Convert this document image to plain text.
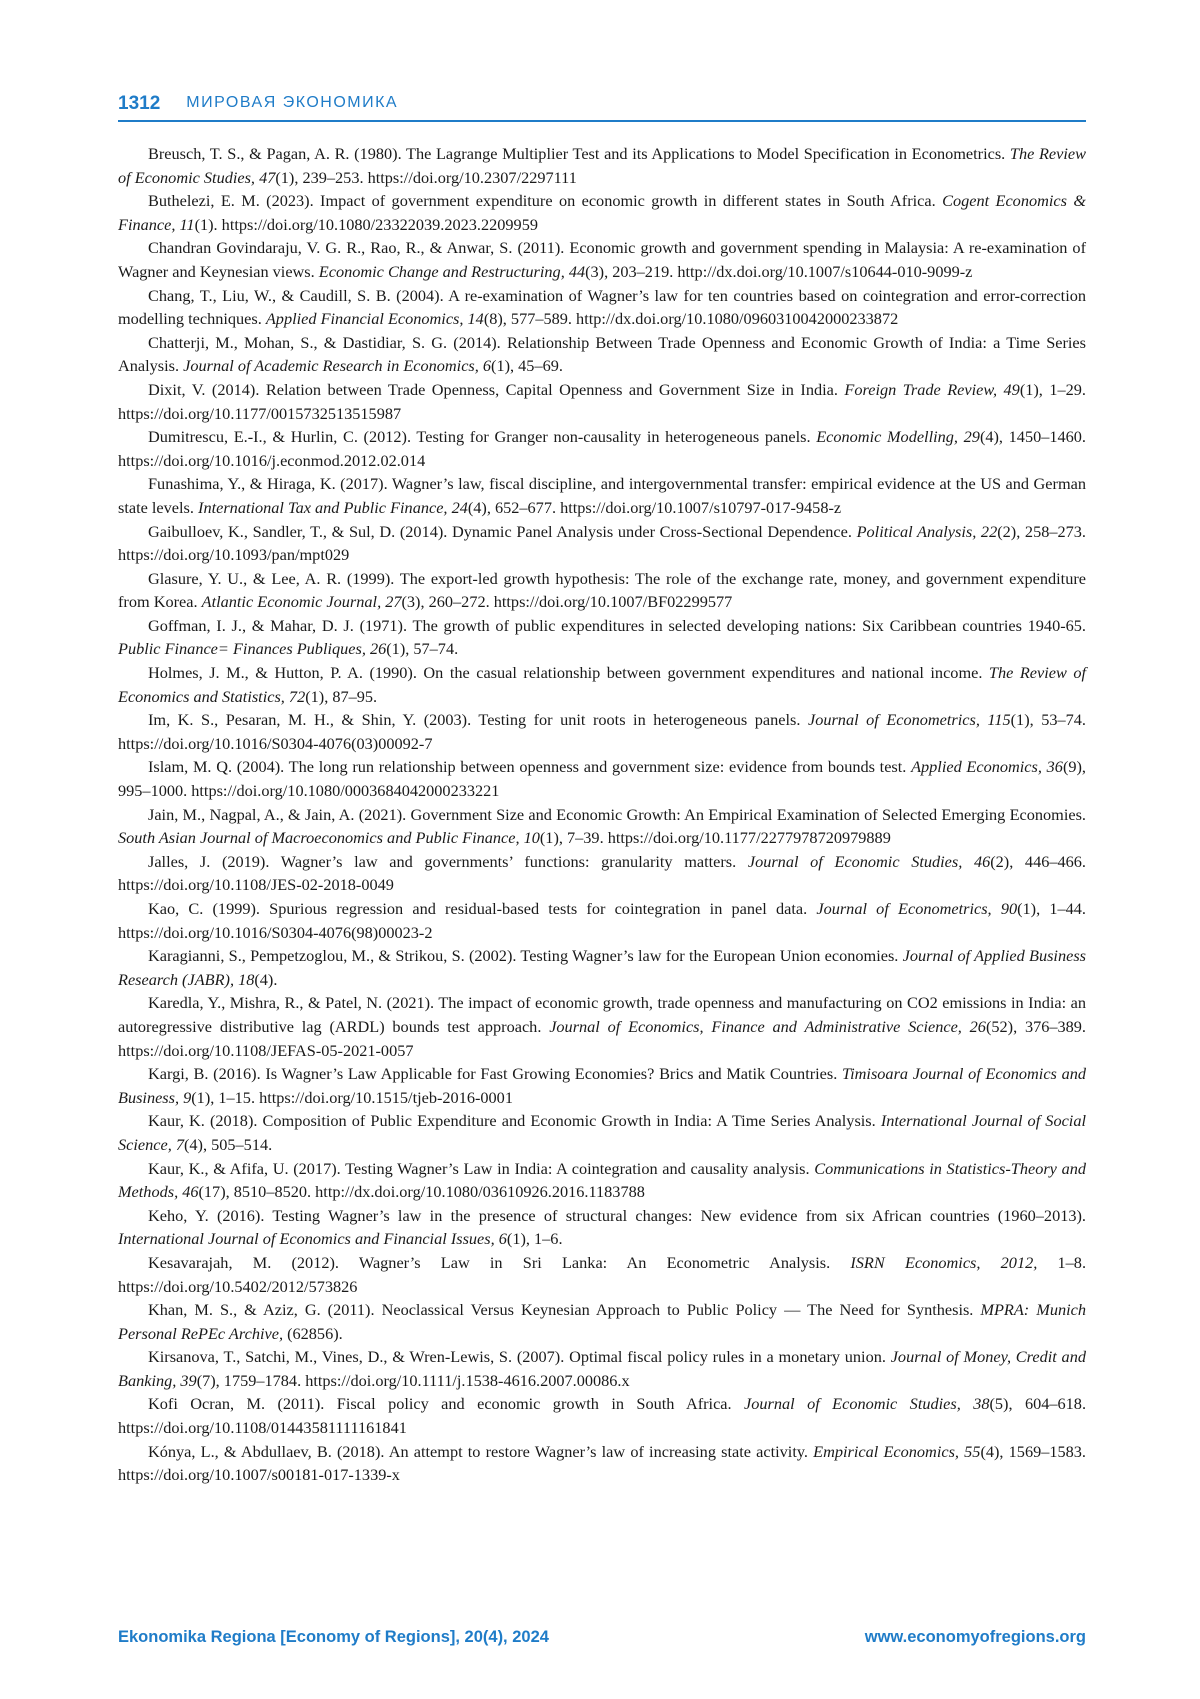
1312 МИРОВАЯ ЭКОНОМИКА

Breusch, T. S., & Pagan, A. R. (1980). The Lagrange Multiplier Test and its Applications to Model Specification in Econometrics. The Review of Economic Studies, 47(1), 239–253. https://doi.org/10.2307/2297111

Buthelezi, E. M. (2023). Impact of government expenditure on economic growth in different states in South Africa. Cogent Economics & Finance, 11(1). https://doi.org/10.1080/23322039.2023.2209959

Chandran Govindaraju, V. G. R., Rao, R., & Anwar, S. (2011). Economic growth and government spending in Malaysia: A re-examination of Wagner and Keynesian views. Economic Change and Restructuring, 44(3), 203–219. http://dx.doi.org/10.1007/s10644-010-9099-z

Chang, T., Liu, W., & Caudill, S. B. (2004). A re-examination of Wagner’s law for ten countries based on cointegration and error-correction modelling techniques. Applied Financial Economics, 14(8), 577–589. http://dx.doi.org/10.1080/0960310042000233872

Chatterji, M., Mohan, S., & Dastidiar, S. G. (2014). Relationship Between Trade Openness and Economic Growth of India: a Time Series Analysis. Journal of Academic Research in Economics, 6(1), 45–69.

Dixit, V. (2014). Relation between Trade Openness, Capital Openness and Government Size in India. Foreign Trade Review, 49(1), 1–29. https://doi.org/10.1177/0015732513515987

Dumitrescu, E.-I., & Hurlin, C. (2012). Testing for Granger non-causality in heterogeneous panels. Economic Modelling, 29(4), 1450–1460. https://doi.org/10.1016/j.econmod.2012.02.014

Funashima, Y., & Hiraga, K. (2017). Wagner’s law, fiscal discipline, and intergovernmental transfer: empirical evidence at the US and German state levels. International Tax and Public Finance, 24(4), 652–677. https://doi.org/10.1007/s10797-017-9458-z

Gaibulloev, K., Sandler, T., & Sul, D. (2014). Dynamic Panel Analysis under Cross-Sectional Dependence. Political Analysis, 22(2), 258–273. https://doi.org/10.1093/pan/mpt029

Glasure, Y. U., & Lee, A. R. (1999). The export-led growth hypothesis: The role of the exchange rate, money, and government expenditure from Korea. Atlantic Economic Journal, 27(3), 260–272. https://doi.org/10.1007/BF02299577

Goffman, I. J., & Mahar, D. J. (1971). The growth of public expenditures in selected developing nations: Six Caribbean countries 1940-65. Public Finance= Finances Publiques, 26(1), 57–74.

Holmes, J. M., & Hutton, P. A. (1990). On the casual relationship between government expenditures and national income. The Review of Economics and Statistics, 72(1), 87–95.

Im, K. S., Pesaran, M. H., & Shin, Y. (2003). Testing for unit roots in heterogeneous panels. Journal of Econometrics, 115(1), 53–74. https://doi.org/10.1016/S0304-4076(03)00092-7

Islam, M. Q. (2004). The long run relationship between openness and government size: evidence from bounds test. Applied Economics, 36(9), 995–1000. https://doi.org/10.1080/0003684042000233221

Jain, M., Nagpal, A., & Jain, A. (2021). Government Size and Economic Growth: An Empirical Examination of Selected Emerging Economies. South Asian Journal of Macroeconomics and Public Finance, 10(1), 7–39. https://doi.org/10.1177/2277978720979889

Jalles, J. (2019). Wagner’s law and governments’ functions: granularity matters. Journal of Economic Studies, 46(2), 446–466. https://doi.org/10.1108/JES-02-2018-0049

Kao, C. (1999). Spurious regression and residual-based tests for cointegration in panel data. Journal of Econometrics, 90(1), 1–44. https://doi.org/10.1016/S0304-4076(98)00023-2

Karagianni, S., Pempetzoglou, M., & Strikou, S. (2002). Testing Wagner’s law for the European Union economies. Journal of Applied Business Research (JABR), 18(4).

Karedla, Y., Mishra, R., & Patel, N. (2021). The impact of economic growth, trade openness and manufacturing on CO2 emissions in India: an autoregressive distributive lag (ARDL) bounds test approach. Journal of Economics, Finance and Administrative Science, 26(52), 376–389. https://doi.org/10.1108/JEFAS-05-2021-0057

Kargi, B. (2016). Is Wagner’s Law Applicable for Fast Growing Economies? Brics and Matik Countries. Timisoara Journal of Economics and Business, 9(1), 1–15. https://doi.org/10.1515/tjeb-2016-0001

Kaur, K. (2018). Composition of Public Expenditure and Economic Growth in India: A Time Series Analysis. International Journal of Social Science, 7(4), 505–514.

Kaur, K., & Afifa, U. (2017). Testing Wagner’s Law in India: A cointegration and causality analysis. Communications in Statistics-Theory and Methods, 46(17), 8510–8520. http://dx.doi.org/10.1080/03610926.2016.1183788

Keho, Y. (2016). Testing Wagner’s law in the presence of structural changes: New evidence from six African countries (1960–2013). International Journal of Economics and Financial Issues, 6(1), 1–6.

Kesavarajah, M. (2012). Wagner’s Law in Sri Lanka: An Econometric Analysis. ISRN Economics, 2012, 1–8. https://doi.org/10.5402/2012/573826

Khan, M. S., & Aziz, G. (2011). Neoclassical Versus Keynesian Approach to Public Policy — The Need for Synthesis. MPRA: Munich Personal RePEc Archive, (62856).

Kirsanova, T., Satchi, M., Vines, D., & Wren-Lewis, S. (2007). Optimal fiscal policy rules in a monetary union. Journal of Money, Credit and Banking, 39(7), 1759–1784. https://doi.org/10.1111/j.1538-4616.2007.00086.x

Kofi Ocran, M. (2011). Fiscal policy and economic growth in South Africa. Journal of Economic Studies, 38(5), 604–618. https://doi.org/10.1108/01443581111161841

Kónya, L., & Abdullaev, B. (2018). An attempt to restore Wagner’s law of increasing state activity. Empirical Economics, 55(4), 1569–1583. https://doi.org/10.1007/s00181-017-1339-x

Ekonomika Regiona [Economy of Regions], 20(4), 2024	www.economyofregions.org
